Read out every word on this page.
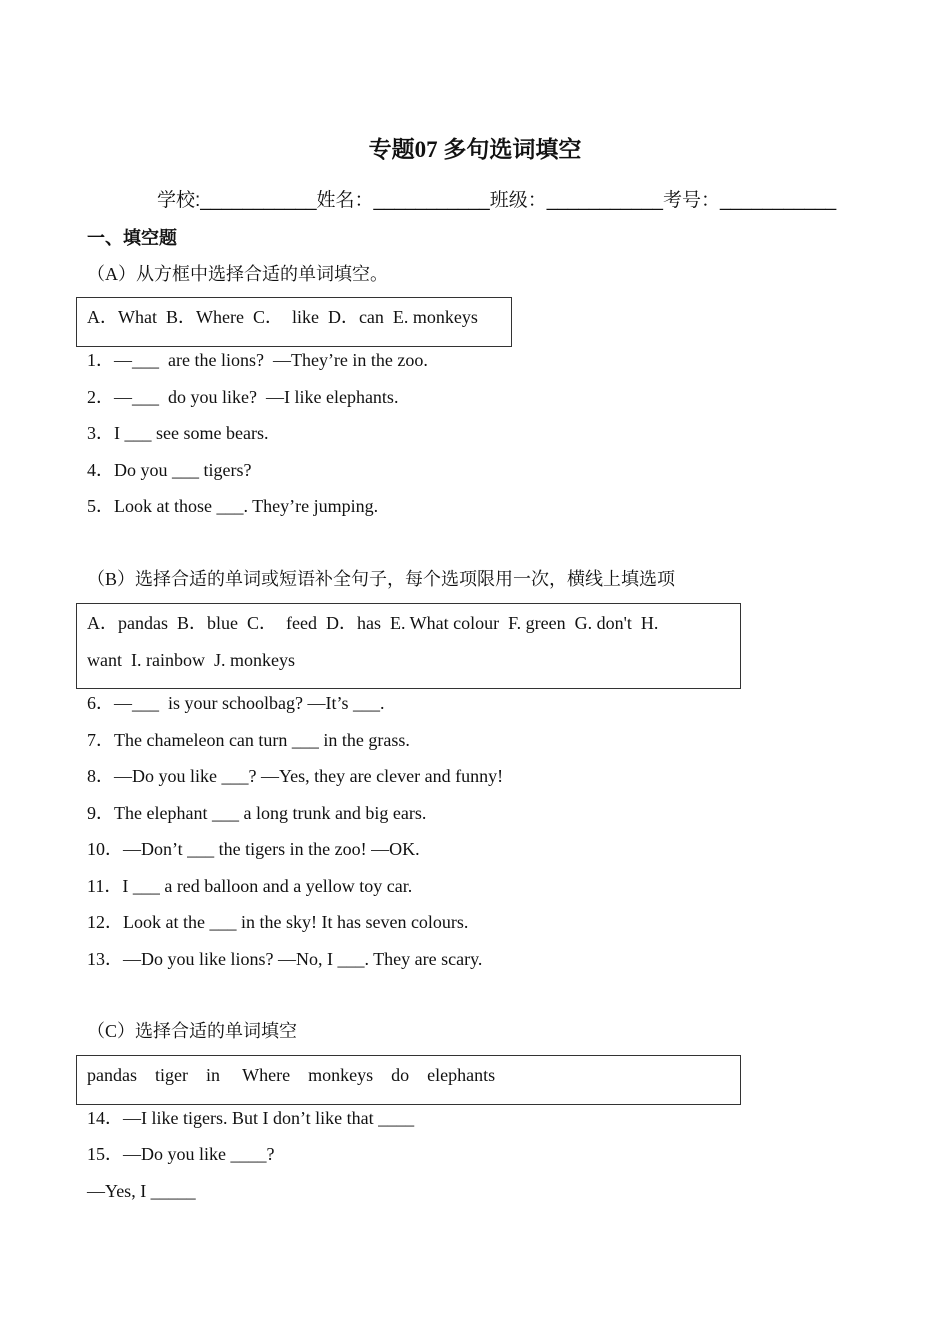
专题07 多句选词填空
学校:___________姓名：___________班级：___________考号：___________
一、填空题
（A）从方框中选择合适的单词填空。
A．What  B．Where  C．  like  D．can  E. monkeys
1．—___  are the lions?  —They’re in the zoo.
2．—___  do you like?  —I like elephants.
3．I ___ see some bears.
4．Do you ___ tigers?
5．Look at those ___. They’re jumping.
（B）选择合适的单词或短语补全句子，每个选项限用一次，横线上填选项
A．pandas  B．blue  C．  feed  D．has  E. What colour  F. green  G. don't  H.
want  I. rainbow  J. monkeys
6．—___  is your schoolbag? —It’s ___.
7．The chameleon can turn ___ in the grass.
8．—Do you like ___? —Yes, they are clever and funny!
9．The elephant ___ a long trunk and big ears.
10．—Don’t ___ the tigers in the zoo! —OK.
11．I ___ a red balloon and a yellow toy car.
12．Look at the ___ in the sky! It has seven colours.
13．—Do you like lions? —No, I ___. They are scary.
（C）选择合适的单词填空
pandas    tiger    in     Where    monkeys    do    elephants
14．—I like tigers. But I don’t like that ____
15．—Do you like ____?
—Yes, I _____
